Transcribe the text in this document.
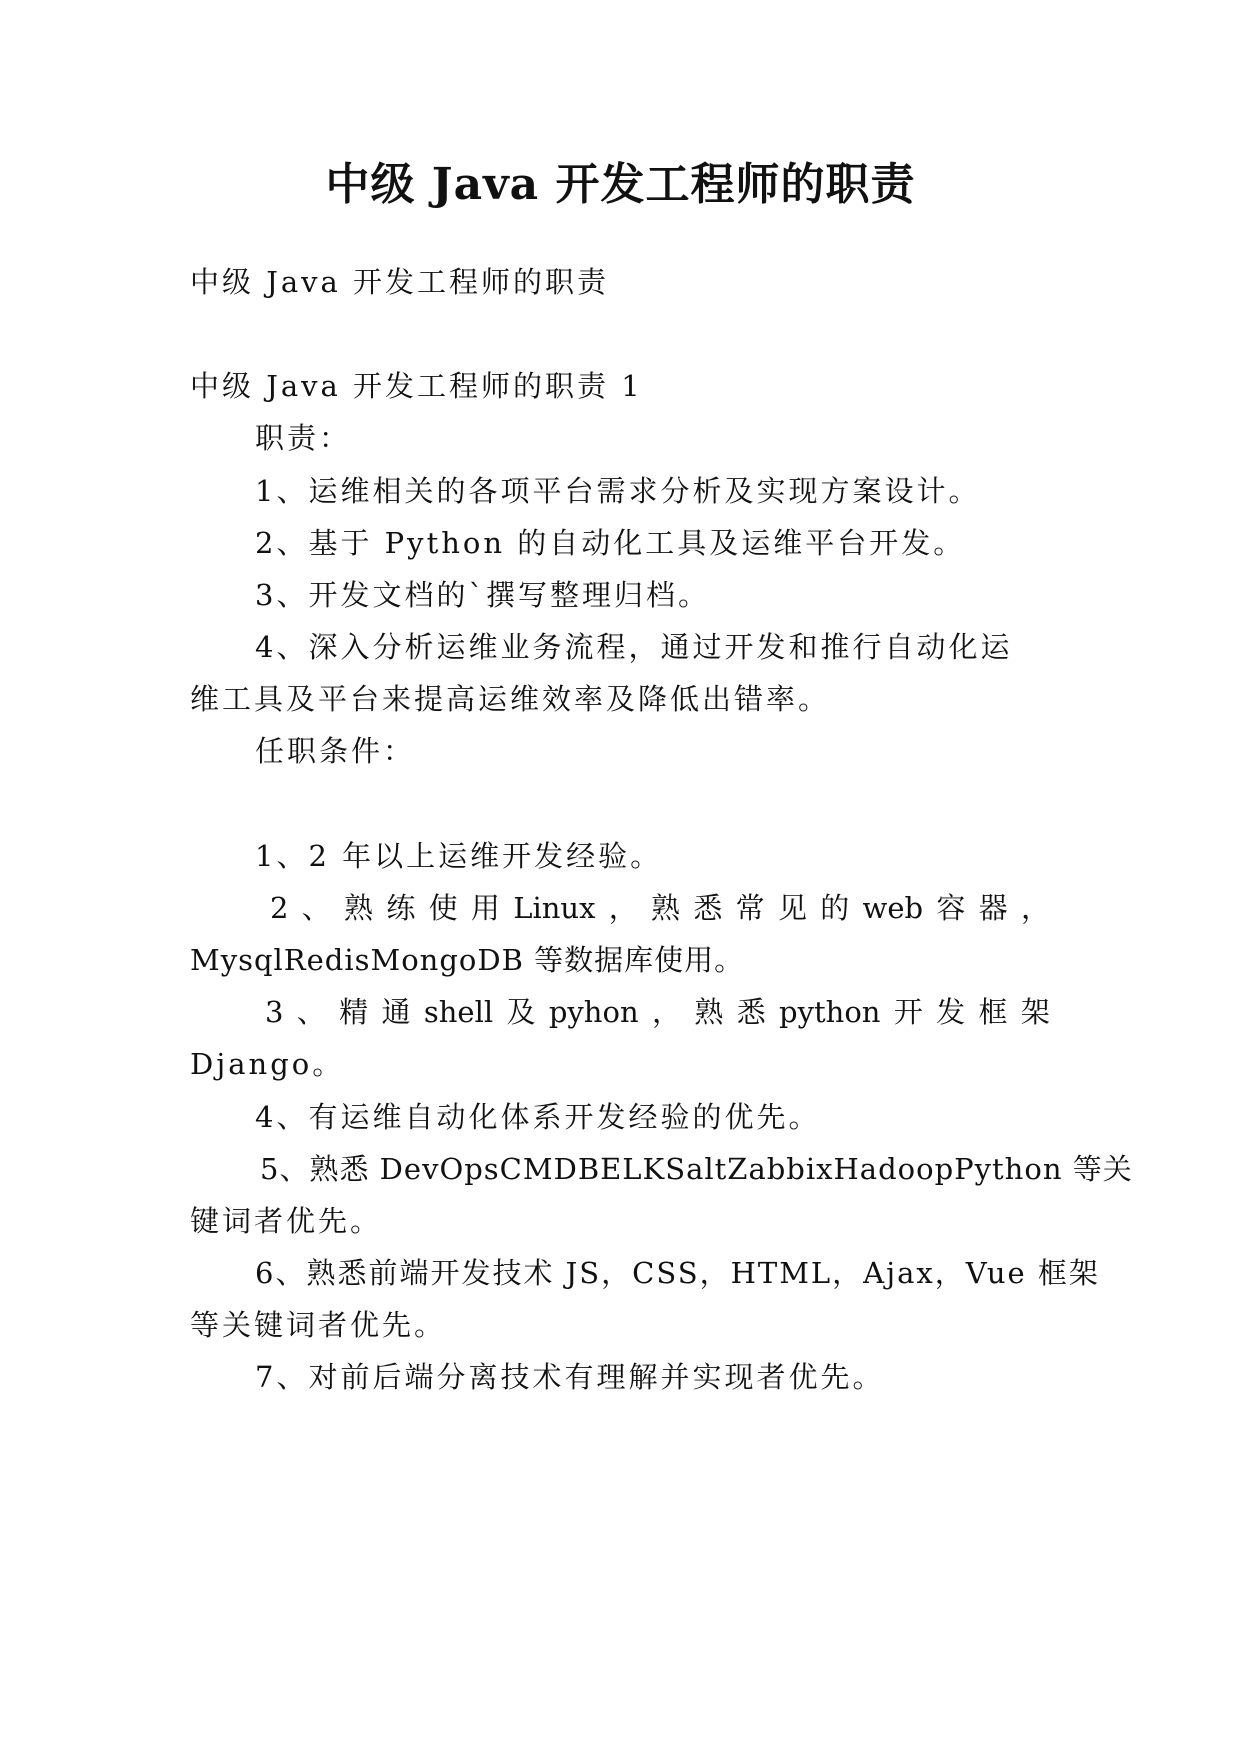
中级 Java 开发工程师的职责
中级 Java 开发工程师的职责
中级 Java 开发工程师的职责 1
职责：
1、运维相关的各项平台需求分析及实现方案设计。
2、基于 Python 的自动化工具及运维平台开发。
3、开发文档的`撰写整理归档。
4、深入分析运维业务流程，通过开发和推行自动化运
维工具及平台来提高运维效率及降低出错率。
任职条件：
1、2 年以上运维开发经验。
2 、 熟 练 使 用 Linux ， 熟 悉 常 见 的 web 容 器 ，
MysqlRedisMongoDB 等数据库使用。
3 、 精 通 shell 及 pyhon ， 熟 悉 python 开 发 框 架
Django。
4、有运维自动化体系开发经验的优先。
5、熟悉 DevOpsCMDBELKSaltZabbixHadoopPython 等关
键词者优先。
6、熟悉前端开发技术 JS，CSS，HTML，Ajax，Vue 框架
等关键词者优先。
7、对前后端分离技术有理解并实现者优先。
